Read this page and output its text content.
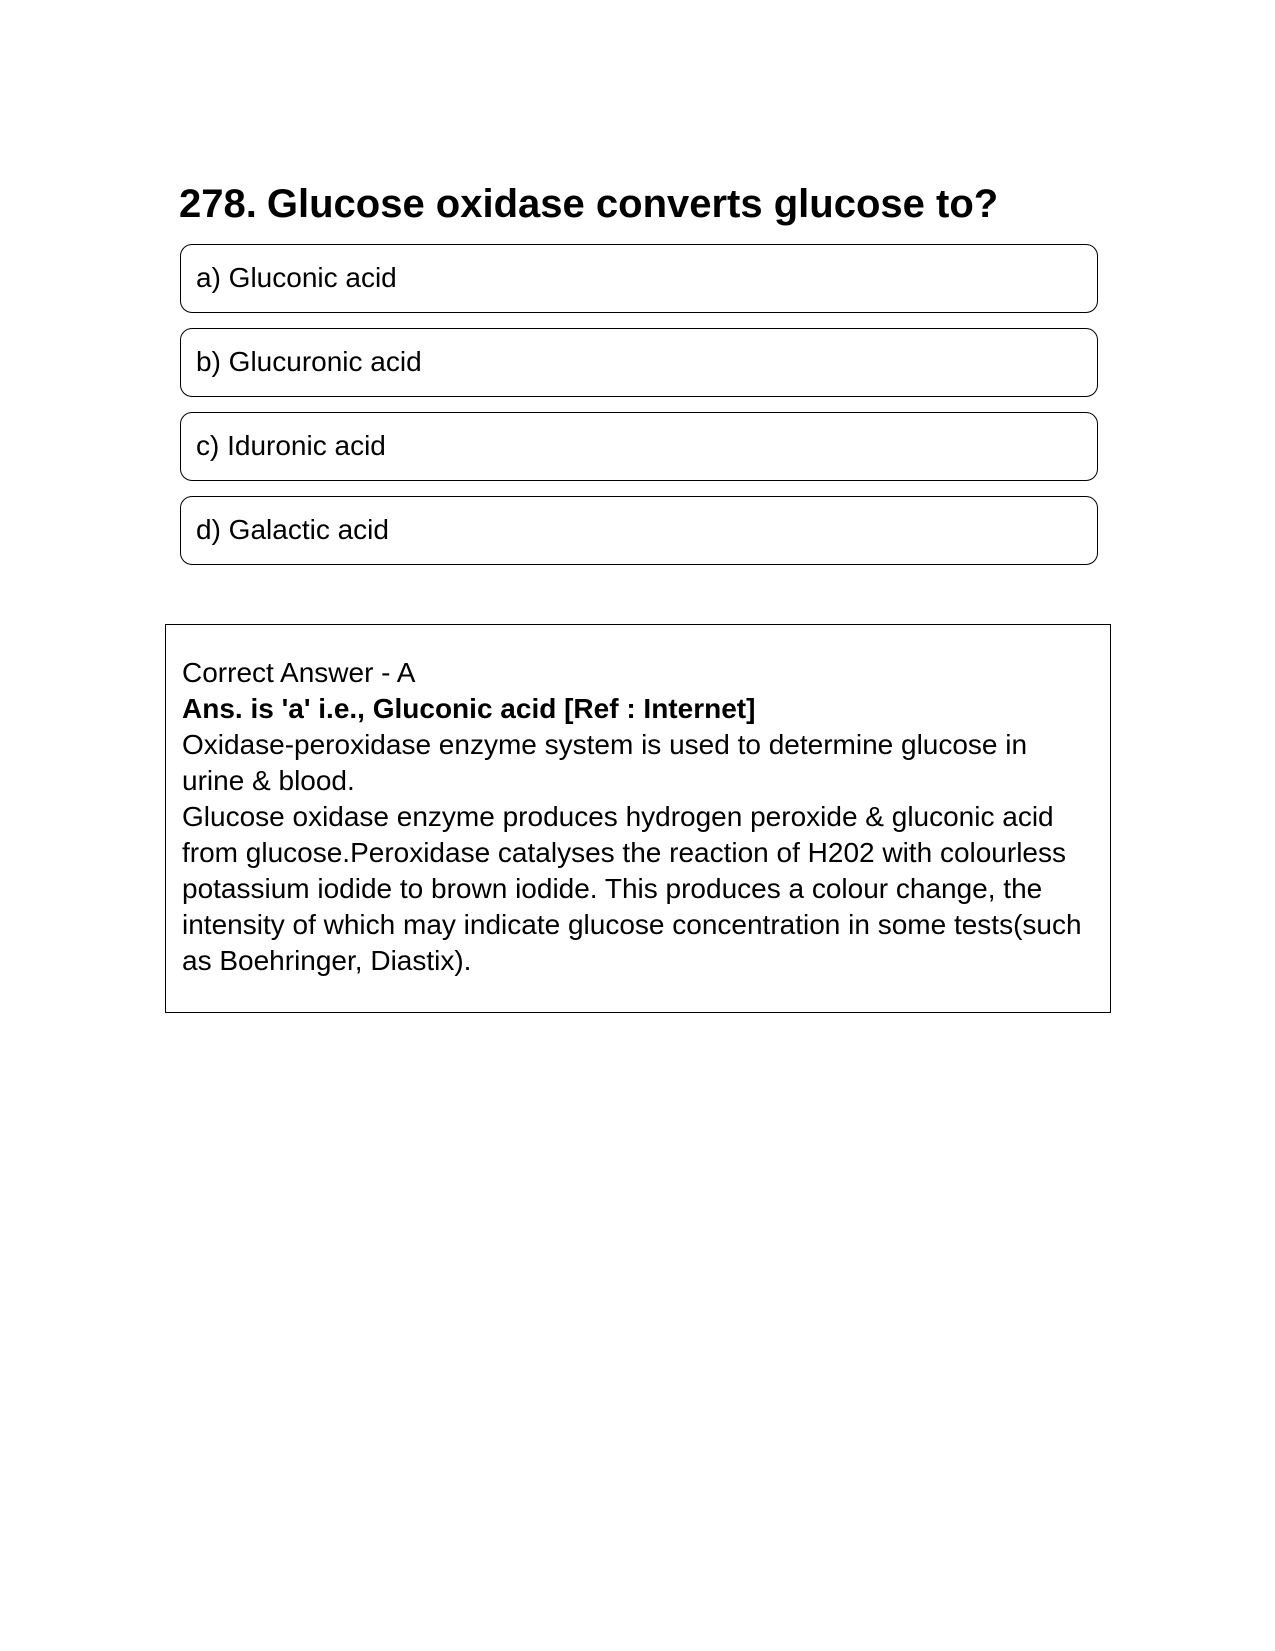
278. Glucose oxidase converts glucose to?
a) Gluconic acid
b) Glucuronic acid
c) Iduronic acid
d) Galactic acid

Correct Answer - A

Ans. is 'a' i.e., Gluconic acid [Ref : Internet]

Oxidase-peroxidase enzyme system is used to determine glucose in urine & blood.

Glucose oxidase enzyme produces hydrogen peroxide & gluconic acid from glucose.Peroxidase catalyses the reaction of H202 with colourless potassium iodide to brown iodide. This produces a colour change, the intensity of which may indicate glucose concentration in some tests(such as Boehringer, Diastix).
